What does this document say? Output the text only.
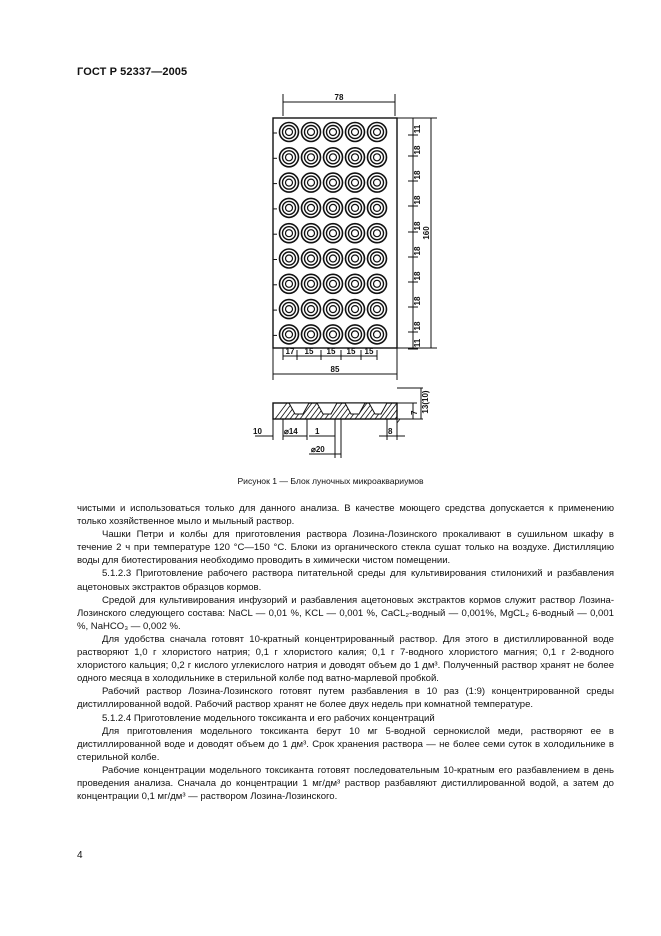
ГОСТ Р 52337—2005
78
85
160
17 15 15 15 15
11
18
18
18
18
18
18
18
18
11
7 13(10)
10	⌀14 1
⌀20
8
Рисунок 1 — Блок луночных микроаквариумов

чистыми и использоваться только для данного анализа. В качестве моющего средства допускается к применению только хозяйственное мыло и мыльный раствор.

Чашки Петри и колбы для приготовления раствора Лозина-Лозинского прокаливают в сушильном шкафу в течение 2 ч при температуре 120 °С—150 °С. Блоки из органического стекла сушат только на воздухе. Дистилляцию воды для биотестирования необходимо проводить в химически чистом помещении.

5.1.2.3 Приготовление рабочего раствора питательной среды для культивирования стилонихий и разбавления ацетоновых экстрактов образцов кормов.

Средой для культивирования инфузорий и разбавления ацетоновых экстрактов кормов служит раствор Лозина-Лозинского следующего состава: NaCL — 0,01 %, KCL — 0,001 %, CaCL₂-водный — 0,001%, MgCL₂ 6-водный — 0,001 %, NaHCO₃ — 0,002 %.

Для удобства сначала готовят 10-кратный концентрированный раствор. Для этого в дистиллированной воде растворяют 1,0 г хлористого натрия; 0,1 г хлористого калия; 0,1 г 7-водного хлористого магния; 0,1 г 2-водного хлористого кальция; 0,2 г кислого углекислого натрия и доводят объем до 1 дм³. Полученный раствор хранят не более одного месяца в холодильнике в стерильной колбе под ватно-марлевой пробкой.

Рабочий раствор Лозина-Лозинского готовят путем разбавления в 10 раз (1:9) концентрированной среды дистиллированной водой. Рабочий раствор хранят не более двух недель при комнатной температуре.

5.1.2.4 Приготовление модельного токсиканта и его рабочих концентраций

Для приготовления модельного токсиканта берут 10 мг 5-водной сернокислой меди, растворяют ее в дистиллированной воде и доводят объем до 1 дм³. Срок хранения раствора — не более семи суток в холодильнике в стерильной колбе.

Рабочие концентрации модельного токсиканта готовят последовательным 10-кратным его разбавлением в день проведения анализа. Сначала до концентрации 1 мг/дм³ раствор разбавляют дистиллированной водой, а затем до концентрации 0,1 мг/дм³ — раствором Лозина-Лозинского.

4
